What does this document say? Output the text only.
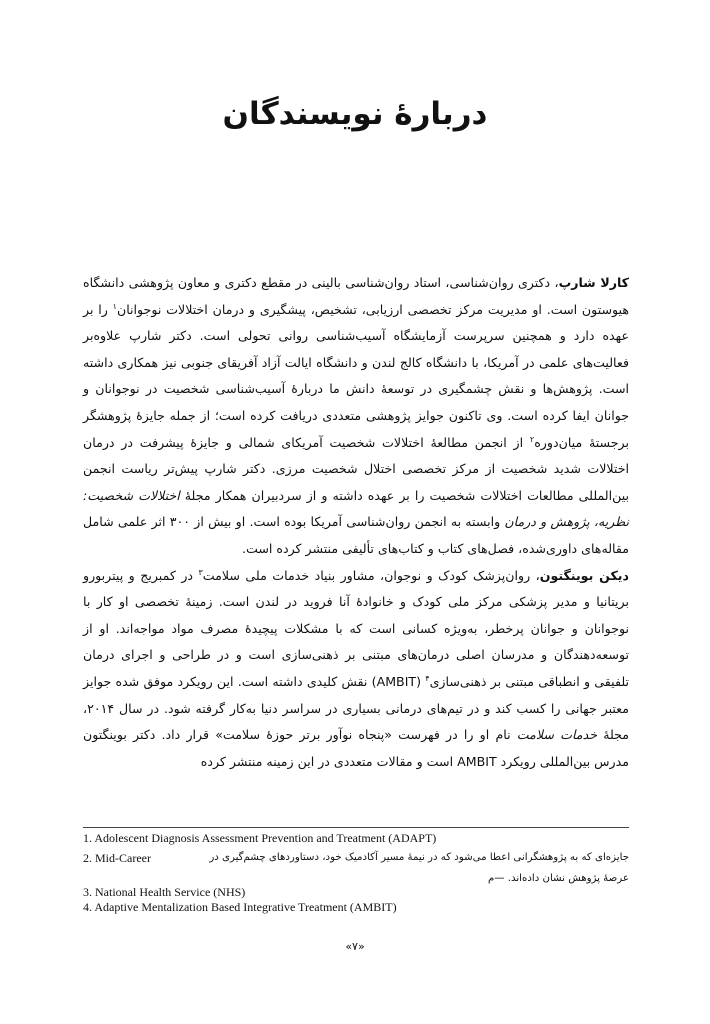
دربارهٔ نویسندگان

کارلا شارپ، دکتری روان‌شناسی، استاد روان‌شناسی بالینی در مقطع دکتری و معاون پژوهشی دانشگاه هیوستون است. او مدیریت مرکز تخصصی ارزیابی، تشخیص، پیشگیری و درمان اختلالات نوجوانان$^۱$ را بر عهده دارد و همچنین سرپرست آزمایشگاه آسیب‌شناسی روانی تحولی است. دکتر شارپ علاوه‌بر فعالیت‌های علمی در آمریکا، با دانشگاه کالج لندن و دانشگاه ایالت آزاد آفریقای جنوبی نیز همکاری داشته است. پژوهش‌ها و نقش چشمگیری در توسعهٔ دانش ما دربارهٔ آسیب‌شناسی شخصیت در نوجوانان و جوانان ایفا کرده است. وی تاکنون جوایز پژوهشی متعددی دریافت کرده است؛ از جمله جایزهٔ پژوهشگر برجستهٔ میان‌دوره$^۲$ از انجمن مطالعهٔ اختلالات شخصیت آمریکای شمالی و جایزهٔ پیشرفت در درمان اختلالات شدید شخصیت از مرکز تخصصی اختلال شخصیت مرزی. دکتر شارپ پیش‌تر ریاست انجمن بین‌المللی مطالعات اختلالات شخصیت را بر عهده داشته و از سردبیران همکار مجلهٔ اختلالات شخصیت: نظریه، پژوهش و درمان وابسته به انجمن روان‌شناسی آمریکا بوده است. او بیش از ۳۰۰ اثر علمی شامل مقاله‌های داوری‌شده، فصل‌های کتاب و کتاب‌های تألیفی منتشر کرده است.

دیکن بوینگتون، روان‌پزشک کودک و نوجوان، مشاور بنیاد خدمات ملی سلامت$^۳$ در کمبریج و پیتربورو بریتانیا و مدیر پزشکی مرکز ملی کودک و خانوادهٔ آنا فروید در لندن است. زمینهٔ تخصصی او کار با نوجوانان و جوانان پرخطر، به‌ویژه کسانی است که با مشکلات پیچیدهٔ مصرف مواد مواجه‌اند. او از توسعه‌دهندگان و مدرسان اصلی درمان‌های مبتنی بر ذهنی‌سازی است و در طراحی و اجرای درمان تلفیقی و انطباقی مبتنی بر ذهنی‌سازی$^۴$ (AMBIT) نقش کلیدی داشته است. این رویکرد موفق شده جوایز معتبر جهانی را کسب کند و در تیم‌های درمانی بسیاری در سراسر دنیا به‌کار گرفته شود. در سال ۲۰۱۴، مجلهٔ خدمات سلامت نام او را در فهرست «پنجاه نوآور برتر حوزهٔ سلامت» قرار داد. دکتر بوینگتون مدرس بین‌المللی رویکرد AMBIT است و مقالات متعددی در این زمینه منتشر کرده

1. Adolescent Diagnosis Assessment Prevention and Treatment (ADAPT)
2. Mid-Career	جایزه‌ای که به پژوهشگرانی اعطا می‌شود که در نیمهٔ مسیر آکادمیک خود، دستاوردهای چشم‌گیری در عرصهٔ پژوهش نشان داده‌اند. —م
3. National Health Service (NHS)
4. Adaptive Mentalization Based Integrative Treatment (AMBIT)
«۷»
